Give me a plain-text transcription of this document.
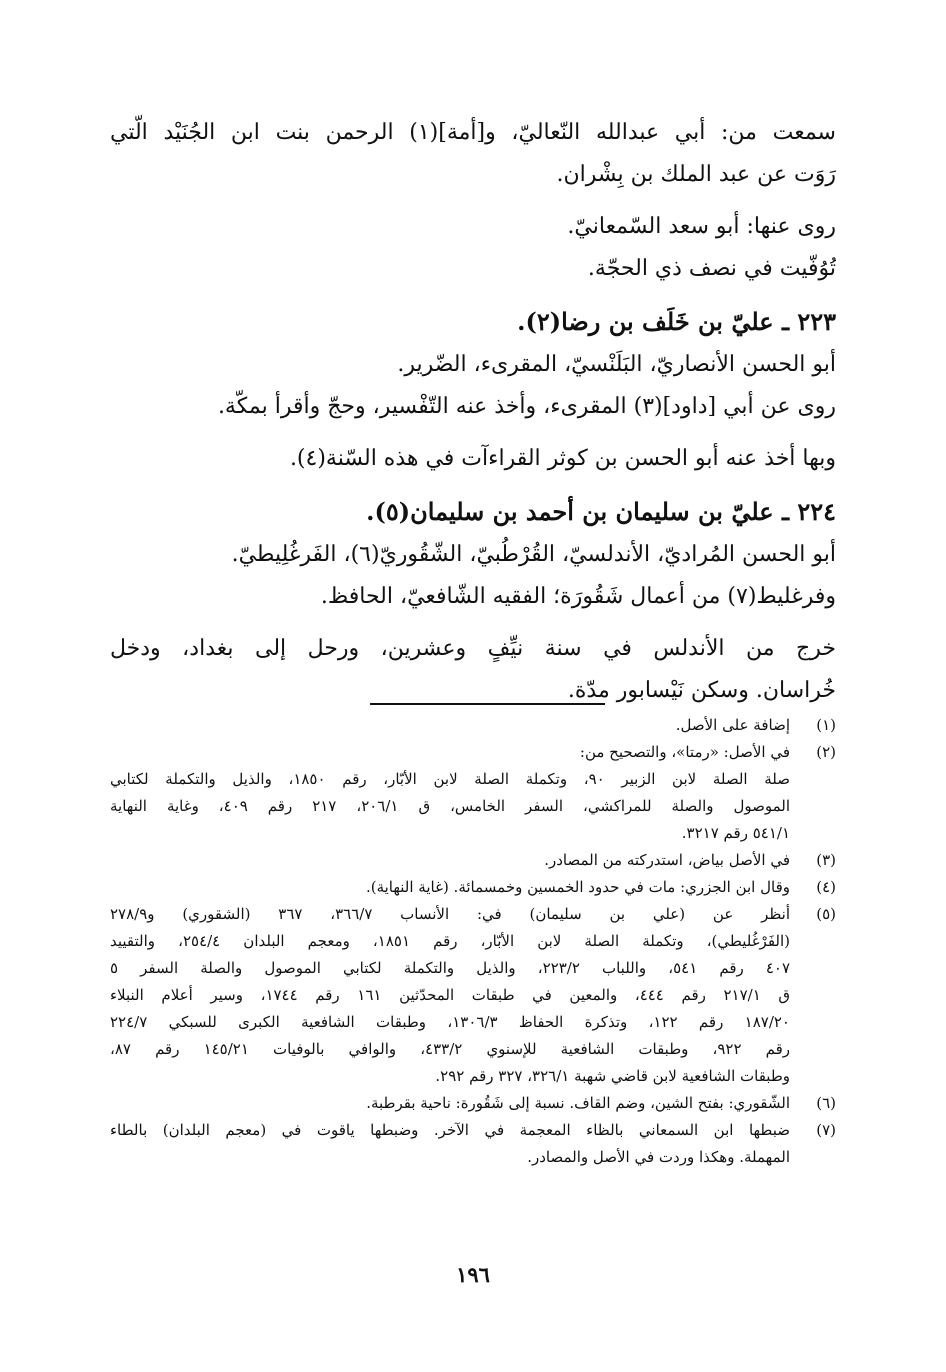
سمعت من: أبي عبدالله النّعاليّ، و[أمة](١) الرحمن بنت ابن الجُنَيْد الّتي

رَوَت عن عبد الملك بن بِشْران.

روى عنها: أبو سعد السّمعانيّ.

تُوُفّيت في نصف ذي الحجّة.

٢٢٣ ـ عليّ بن خَلَف بن رضا(٢).

أبو الحسن الأنصاريّ، البَلَنْسيّ، المقرىء، الضّرير.

روى عن أبي [داود](٣) المقرىء، وأخذ عنه التّفْسير، وحجّ وأقرأ بمكّة.

وبها أخذ عنه أبو الحسن بن كوثر القراءآت في هذه السّنة(٤).

٢٢٤ ـ عليّ بن سليمان بن أحمد بن سليمان(٥).

أبو الحسن المُراديّ، الأندلسيّ، القُرْطُبيّ، الشّقُوريّ(٦)، الفَرغُلِيطيّ.

وفرغليط(٧) من أعمال شَقُورَة؛ الفقيه الشّافعيّ، الحافظ.

خرج من الأندلس في سنة نيِّفٍ وعشرين، ورحل إلى بغداد، ودخل

خُراسان. وسكن نَيْسابور مدّة.

(١)

إضافة على الأصل.

(٢)

في الأصل: «رمتا»، والتصحيح من:

صلة الصلة لابن الزبير ٩٠، وتكملة الصلة لابن الأبّار، رقم ١٨٥٠، والذيل والتكملة لكتابي

الموصول والصلة للمراكشي، السفر الخامس، ق ٢٠٦/١، ٢١٧ رقم ٤٠٩، وغاية النهاية

٥٤١/١ رقم ٣٢١٧.

(٣)

في الأصل بياض، استدركته من المصادر.

(٤)

وقال ابن الجزري: مات في حدود الخمسين وخمسمائة. (غاية النهاية).

(٥)

أنظر عن (علي بن سليمان) في: الأنساب ٣٦٦/٧، ٣٦٧ (الشقوري) و٢٧٨/٩

(الفَرْغُليطي)، وتكملة الصلة لابن الأبّار، رقم ١٨٥١، ومعجم البلدان ٢٥٤/٤، والتقييد

٤٠٧ رقم ٥٤١، واللباب ٢٢٣/٢، والذيل والتكملة لكتابي الموصول والصلة السفر ٥

ق ٢١٧/١ رقم ٤٤٤، والمعين في طبقات المحدّثين ١٦١ رقم ١٧٤٤، وسير أعلام النبلاء

١٨٧/٢٠ رقم ١٢٢، وتذكرة الحفاظ ١٣٠٦/٣، وطبقات الشافعية الكبرى للسبكي ٢٢٤/٧

رقم ٩٢٢، وطبقات الشافعية للإسنوي ٤٣٣/٢، والوافي بالوفيات ١٤٥/٢١ رقم ٨٧،

وطبقات الشافعية لابن قاضي شهبة ٣٢٦/١، ٣٢٧ رقم ٢٩٢.

(٦)

الشّقوري: بفتح الشين، وضم القاف. نسبة إلى شَقُورة: ناحية بقرطبة.

(٧)

ضبطها ابن السمعاني بالظاء المعجمة في الآخر. وضبطها ياقوت في (معجم البلدان) بالطاء

المهملة. وهكذا وردت في الأصل والمصادر.

١٩٦
